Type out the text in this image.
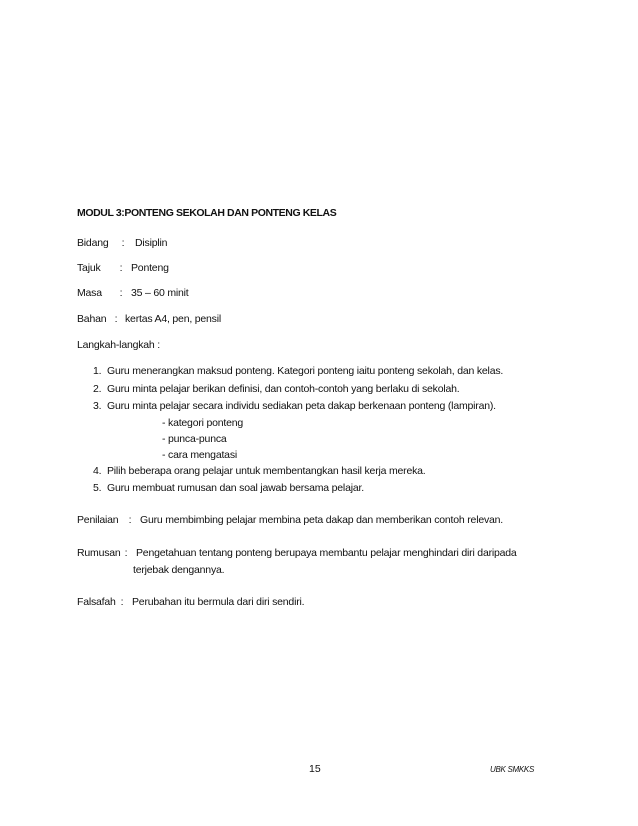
MODUL 3:PONTENG SEKOLAH DAN PONTENG KELAS
Bidang : Disiplin
Tajuk : Ponteng
Masa : 35 – 60 minit
Bahan : kertas A4, pen, pensil
Langkah-langkah :
1. Guru menerangkan maksud ponteng. Kategori ponteng iaitu ponteng sekolah, dan kelas.
2. Guru minta pelajar berikan definisi, dan contoh-contoh yang berlaku di sekolah.
3. Guru minta pelajar secara individu sediakan peta dakap berkenaan ponteng (lampiran).
- kategori ponteng
- punca-punca
- cara mengatasi
4. Pilih beberapa orang pelajar untuk membentangkan hasil kerja mereka.
5. Guru membuat rumusan dan soal jawab bersama pelajar.
Penilaian : Guru membimbing pelajar membina peta dakap dan memberikan contoh relevan.
Rumusan : Pengetahuan tentang ponteng berupaya membantu pelajar menghindari diri daripada
terjebak dengannya.
Falsafah : Perubahan itu bermula dari diri sendiri.
15	UBK SMKKS
